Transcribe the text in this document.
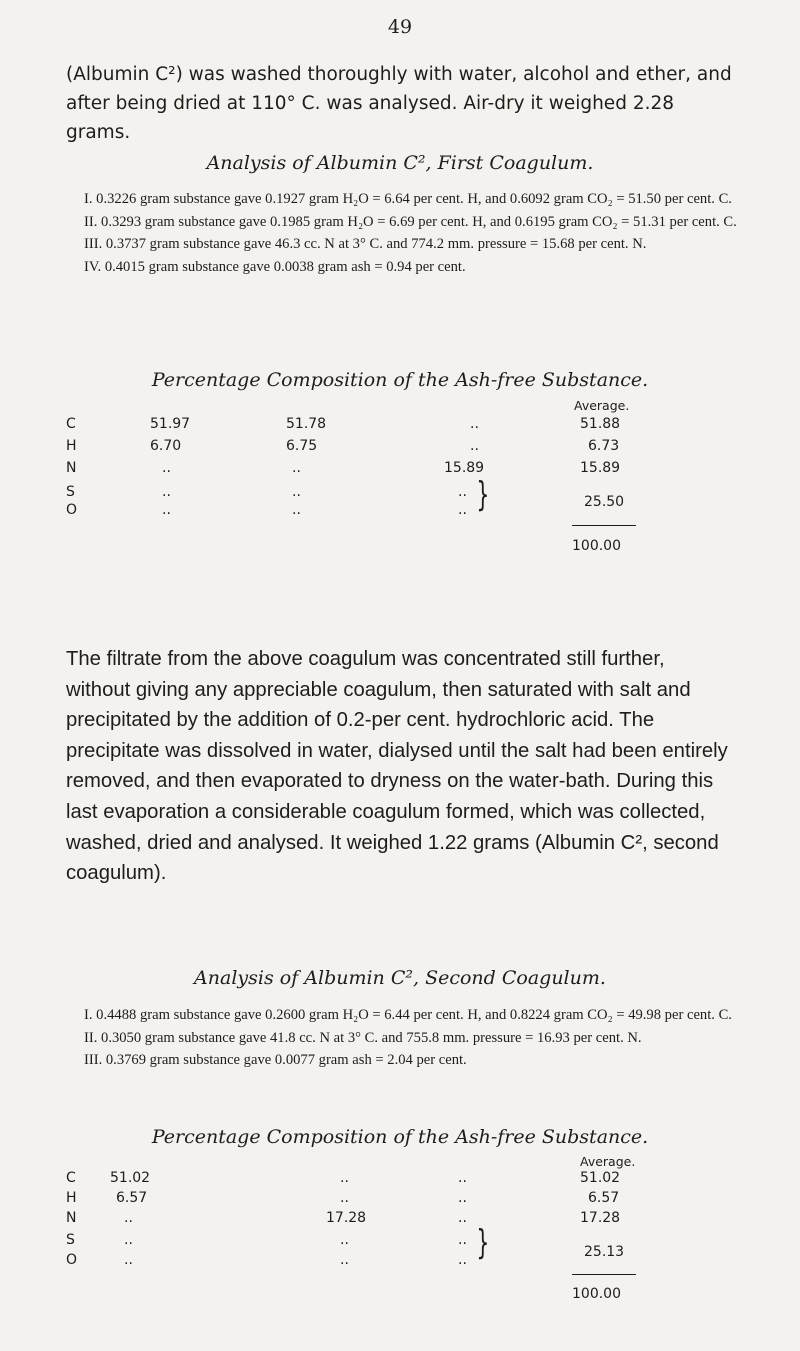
49

(Albumin C²) was washed thoroughly with water, alcohol and ether, and after being dried at 110° C. was analysed. Air-dry it weighed 2.28 grams.

Analysis of Albumin C², First Coagulum.
I. 0.3226 gram substance gave 0.1927 gram H₂O = 6.64 per cent. H, and 0.6092 gram CO₂ = 51.50 per cent. C.
II. 0.3293 gram substance gave 0.1985 gram H₂O = 6.69 per cent. H, and 0.6195 gram CO₂ = 51.31 per cent. C.
III. 0.3737 gram substance gave 46.3 cc. N at 3° C. and 774.2 mm. pressure = 15.68 per cent. N.
IV. 0.4015 gram substance gave 0.0038 gram ash = 0.94 per cent.
Percentage Composition of the Ash-free Substance.
Average.
C	51.97	51.78	..	51.88
H	6.70	6.75	..	6.73
N	..	..	15.89	15.89
S	..	..	..
O	..	..	.. }	25.50
100.00

The filtrate from the above coagulum was concentrated still further, without giving any appreciable coagulum, then saturated with salt and precipitated by the addition of 0.2-per cent. hydrochloric acid. The precipitate was dissolved in water, dialysed until the salt had been entirely removed, and then evaporated to dryness on the water-bath. During this last evaporation a considerable coagulum formed, which was collected, washed, dried and analysed. It weighed 1.22 grams (Albumin C², second coagulum).

Analysis of Albumin C², Second Coagulum.
I. 0.4488 gram substance gave 0.2600 gram H₂O = 6.44 per cent. H, and 0.8224 gram CO₂ = 49.98 per cent. C.
II. 0.3050 gram substance gave 41.8 cc. N at 3° C. and 755.8 mm. pressure = 16.93 per cent. N.
III. 0.3769 gram substance gave 0.0077 gram ash = 2.04 per cent.
Percentage Composition of the Ash-free Substance.
Average.
C 51.02	..	..	51.02
H	6.57	..	..	6.57
N	..	17.28	..	17.28
S	..	..	..
O	..	..	.. }	25.13
100.00
